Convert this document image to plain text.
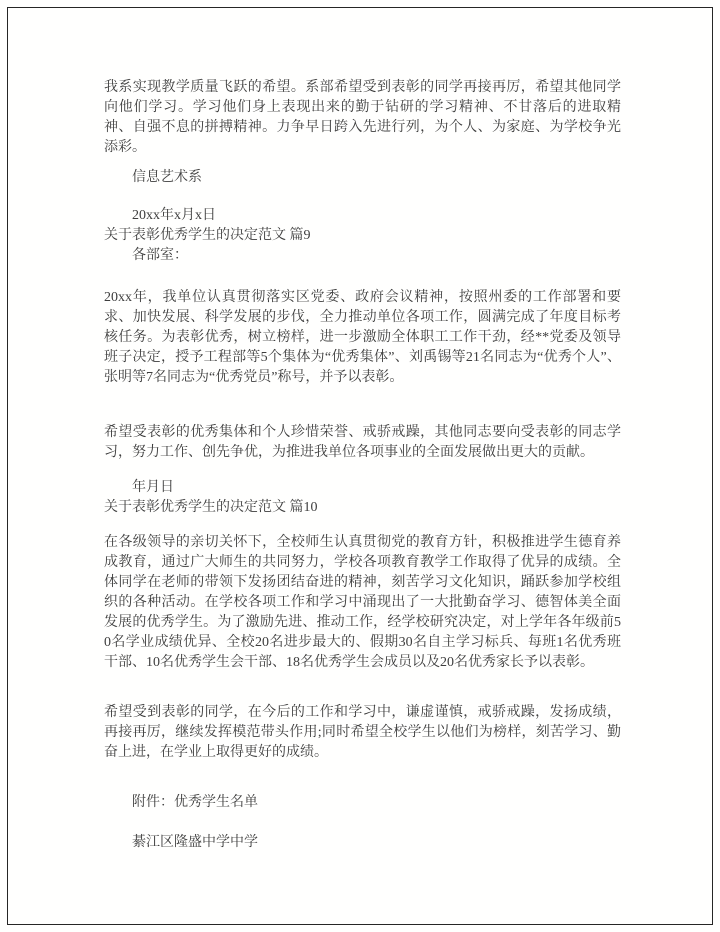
我系实现教学质量飞跃的希望。系部希望受到表彰的同学再接再厉，希望其他同学向他们学习。学习他们身上表现出来的勤于钻研的学习精神、不甘落后的进取精神、自强不息的拼搏精神。力争早日跨入先进行列，为个人、为家庭、为学校争光添彩。

信息艺术系

20xx年x月x日

关于表彰优秀学生的决定范文 篇9

各部室：

20xx年，我单位认真贯彻落实区党委、政府会议精神，按照州委的工作部署和要求、加快发展、科学发展的步伐，全力推动单位各项工作，圆满完成了年度目标考核任务。为表彰优秀，树立榜样，进一步激励全体职工工作干劲，经**党委及领导班子决定，授予工程部等5个集体为“优秀集体”、刘禹锡等21名同志为“优秀个人”、张明等7名同志为“优秀党员”称号，并予以表彰。

希望受表彰的优秀集体和个人珍惜荣誉、戒骄戒躁，其他同志要向受表彰的同志学习，努力工作、创先争优，为推进我单位各项事业的全面发展做出更大的贡献。

年月日

关于表彰优秀学生的决定范文 篇10

在各级领导的亲切关怀下，全校师生认真贯彻党的教育方针，积极推进学生德育养成教育，通过广大师生的共同努力，学校各项教育教学工作取得了优异的成绩。全体同学在老师的带领下发扬团结奋进的精神，刻苦学习文化知识，踊跃参加学校组织的各种活动。在学校各项工作和学习中涌现出了一大批勤奋学习、德智体美全面发展的优秀学生。为了激励先进、推动工作，经学校研究决定，对上学年各年级前50名学业成绩优异、全校20名进步最大的、假期30名自主学习标兵、每班1名优秀班干部、10名优秀学生会干部、18名优秀学生会成员以及20名优秀家长予以表彰。

希望受到表彰的同学，在今后的工作和学习中，谦虚谨慎，戒骄戒躁，发扬成绩，再接再厉，继续发挥模范带头作用;同时希望全校学生以他们为榜样，刻苦学习、勤奋上进，在学业上取得更好的成绩。

附件：优秀学生名单

綦江区隆盛中学中学
